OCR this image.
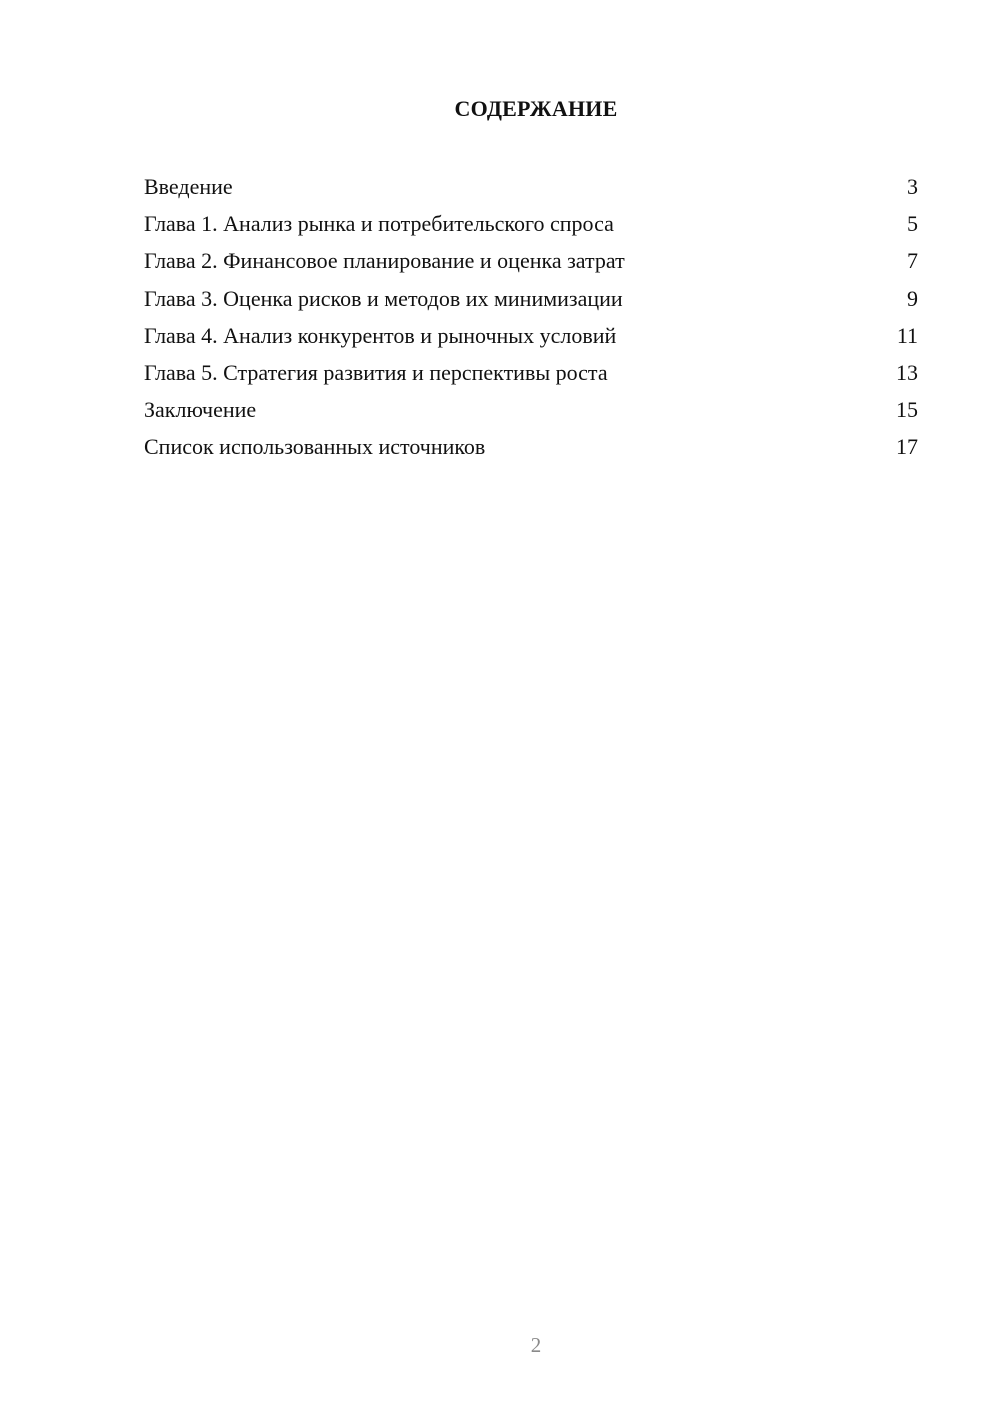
СОДЕРЖАНИЕ
Введение	3
Глава 1. Анализ рынка и потребительского спроса	5
Глава 2. Финансовое планирование и оценка затрат	7
Глава 3. Оценка рисков и методов их минимизации	9
Глава 4. Анализ конкурентов и рыночных условий	11
Глава 5. Стратегия развития и перспективы роста	13
Заключение	15
Список использованных источников	17
2
